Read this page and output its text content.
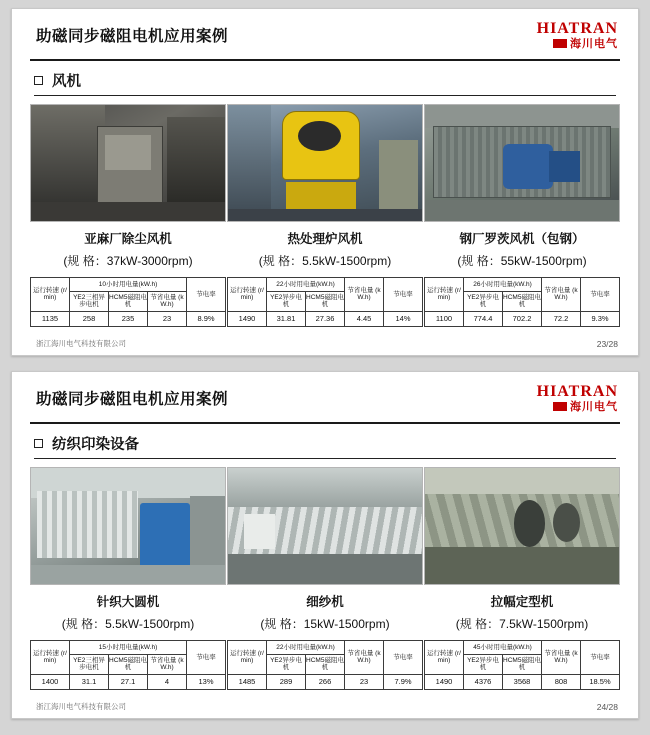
助磁同步磁阻电机应用案例	HIATRAN
海川电气
风机
亚麻厂除尘风机
(规 格：37kW-3000rpm)
运行转速 (r/min)	10小时用电量(kW.h)			节电率
	YE2三相异步电机	HCM5磁阻电机	节省电量 (kW.h)	
1135	258	235	23	8.9%
热处理炉风机
(规 格：5.5kW-1500rpm)
运行转速 (r/min)	22小时用电量(kW.h)		节省电量 (kW.h)	节电率
	YE2异步电机	HCM5磁阻电机		
1490	31.81	27.36	4.45	14%
钢厂罗茨风机（包钢）
(规 格：55kW-1500rpm)
运行转速 (r/min)	26小时用电量(kW.h)		节省电量 (kW.h)	节电率
	YE2异步电机	HCM5磁阻电机		
1100	774.4	702.2	72.2	9.3%
浙江海川电气科技有限公司	23/28
助磁同步磁阻电机应用案例	HIATRAN
海川电气
纺织印染设备
针织大圆机
(规 格：5.5kW-1500rpm)
运行转速 (r/min)	15小时用电量(kW.h)			节电率
	YE2三相异步电机	HCM5磁阻电机	节省电量 (kW.h)	
1400	31.1	27.1	4	13%
细纱机
(规 格：15kW-1500rpm)
运行转速 (r/min)	22小时用电量(kW.h)		节省电量 (kW.h)	节电率
	YE2异步电机	HCM5磁阻电机		
1485	289	266	23	7.9%
拉幅定型机
(规 格：7.5kW-1500rpm)
运行转速 (r/min)	45小时用电量(kW.h)		节省电量 (kW.h)	节电率
	YE2异步电机	HCM5磁阻电机		
1490	4376	3568	808	18.5%
浙江海川电气科技有限公司	24/28
